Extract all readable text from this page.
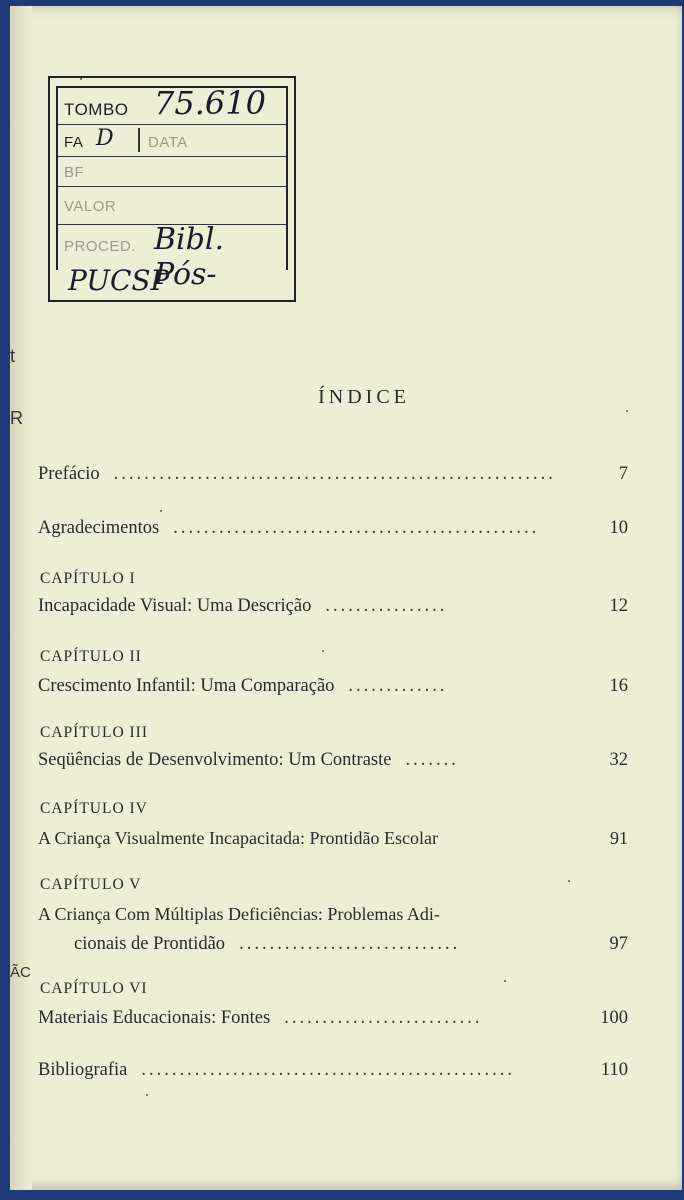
t
R
ÃC
TOMBO 75.610
FA D DATA
BF
VALOR
PROCED. Bibl. Pós-
PUCSP
ÍNDICE
Prefácio ..........................................................	7
Agradecimentos ................................................	10
CAPÍTULO I
Incapacidade Visual: Uma Descrição ................	12
CAPÍTULO II
Crescimento Infantil: Uma Comparação .............	16
CAPÍTULO III
Seqüências de Desenvolvimento: Um Contraste .......	32
CAPÍTULO IV
A Criança Visualmente Incapacitada: Prontidão Escolar	91
CAPÍTULO V
A Criança Com Múltiplas Deficiências: Problemas Adi-
cionais de Prontidão .............................	97
CAPÍTULO VI
Materiais Educacionais: Fontes ..........................	100
Bibliografia .................................................	110
